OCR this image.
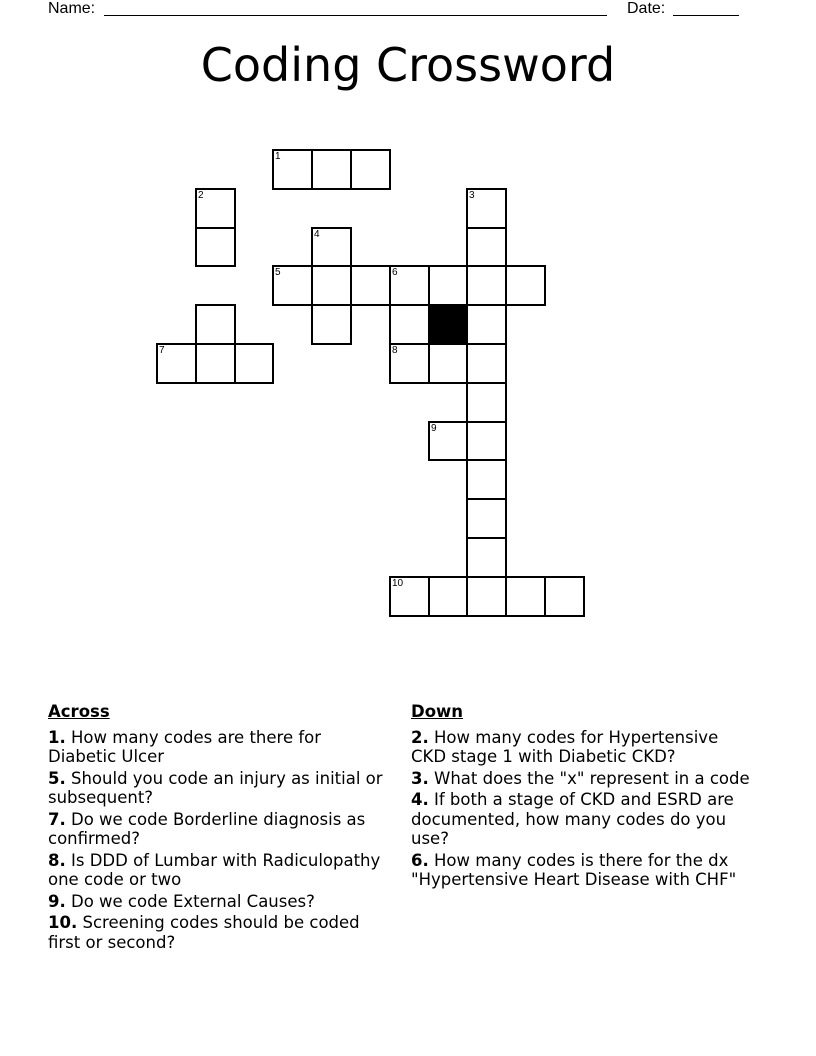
Name:	Date:
Coding Crossword
1
2	3
4
5	6
7	8
9
10
Across
1. How many codes are there for Diabetic Ulcer
5. Should you code an injury as initial or subsequent?
7. Do we code Borderline diagnosis as confirmed?
8. Is DDD of Lumbar with Radiculopathy one code or two
9. Do we code External Causes?
10. Screening codes should be coded first or second?
Down
2. How many codes for Hypertensive CKD stage 1 with Diabetic CKD?
3. What does the "x" represent in a code
4. If both a stage of CKD and ESRD are documented, how many codes do you use?
6. How many codes is there for the dx "Hypertensive Heart Disease with CHF"
